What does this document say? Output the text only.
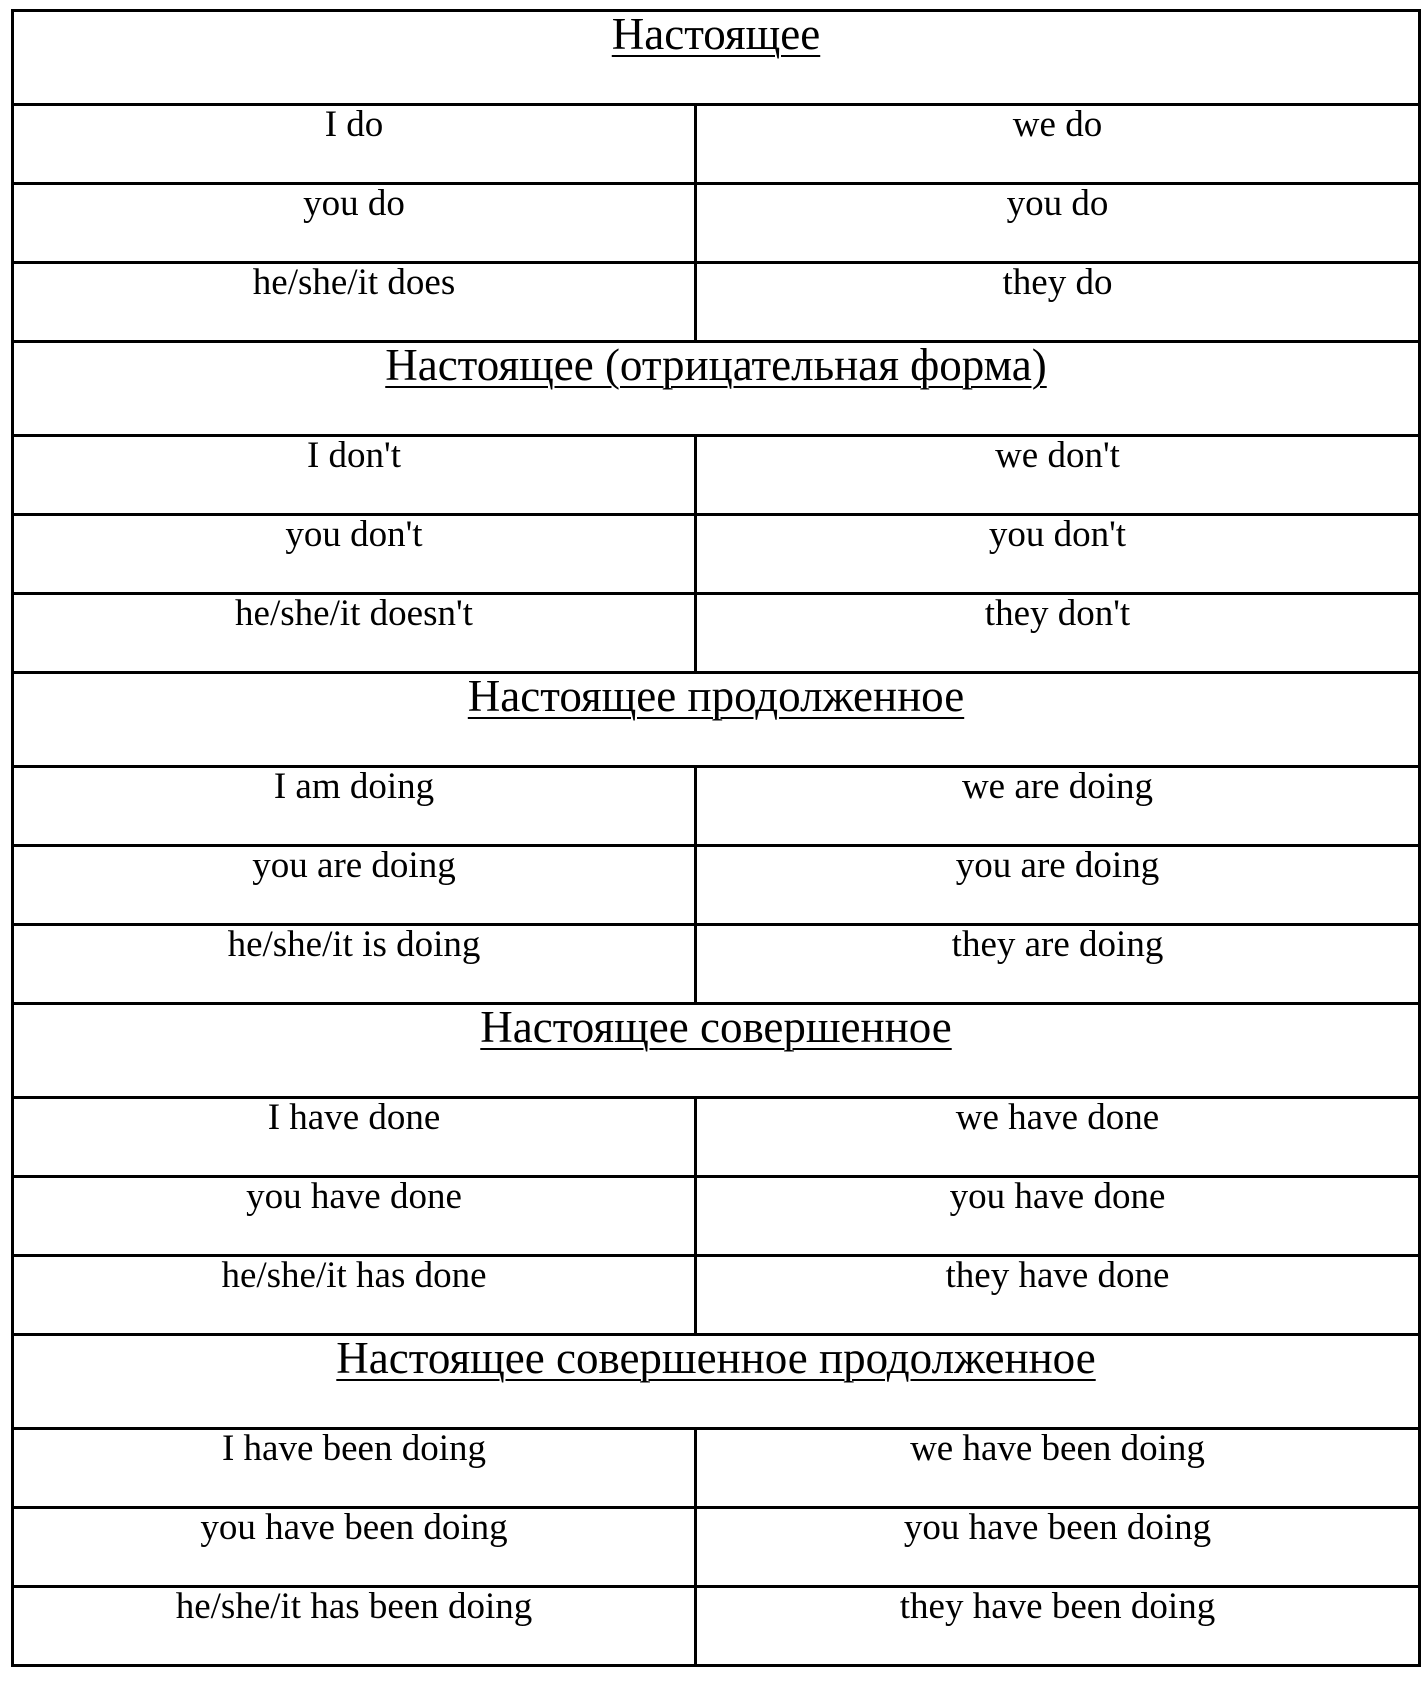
Настоящее	
I do	we do
you do	you do
he/she/it does	they do
Настоящее (отрицательная форма)	
I don't	we don't
you don't	you don't
he/she/it doesn't	they don't
Настоящее продолженное	
I am doing	we are doing
you are doing	you are doing
he/she/it is doing	they are doing
Настоящее совершенное	
I have done	we have done
you have done	you have done
he/she/it has done	they have done
Настоящее совершенное продолженное	
I have been doing	we have been doing
you have been doing	you have been doing
he/she/it has been doing	they have been doing
